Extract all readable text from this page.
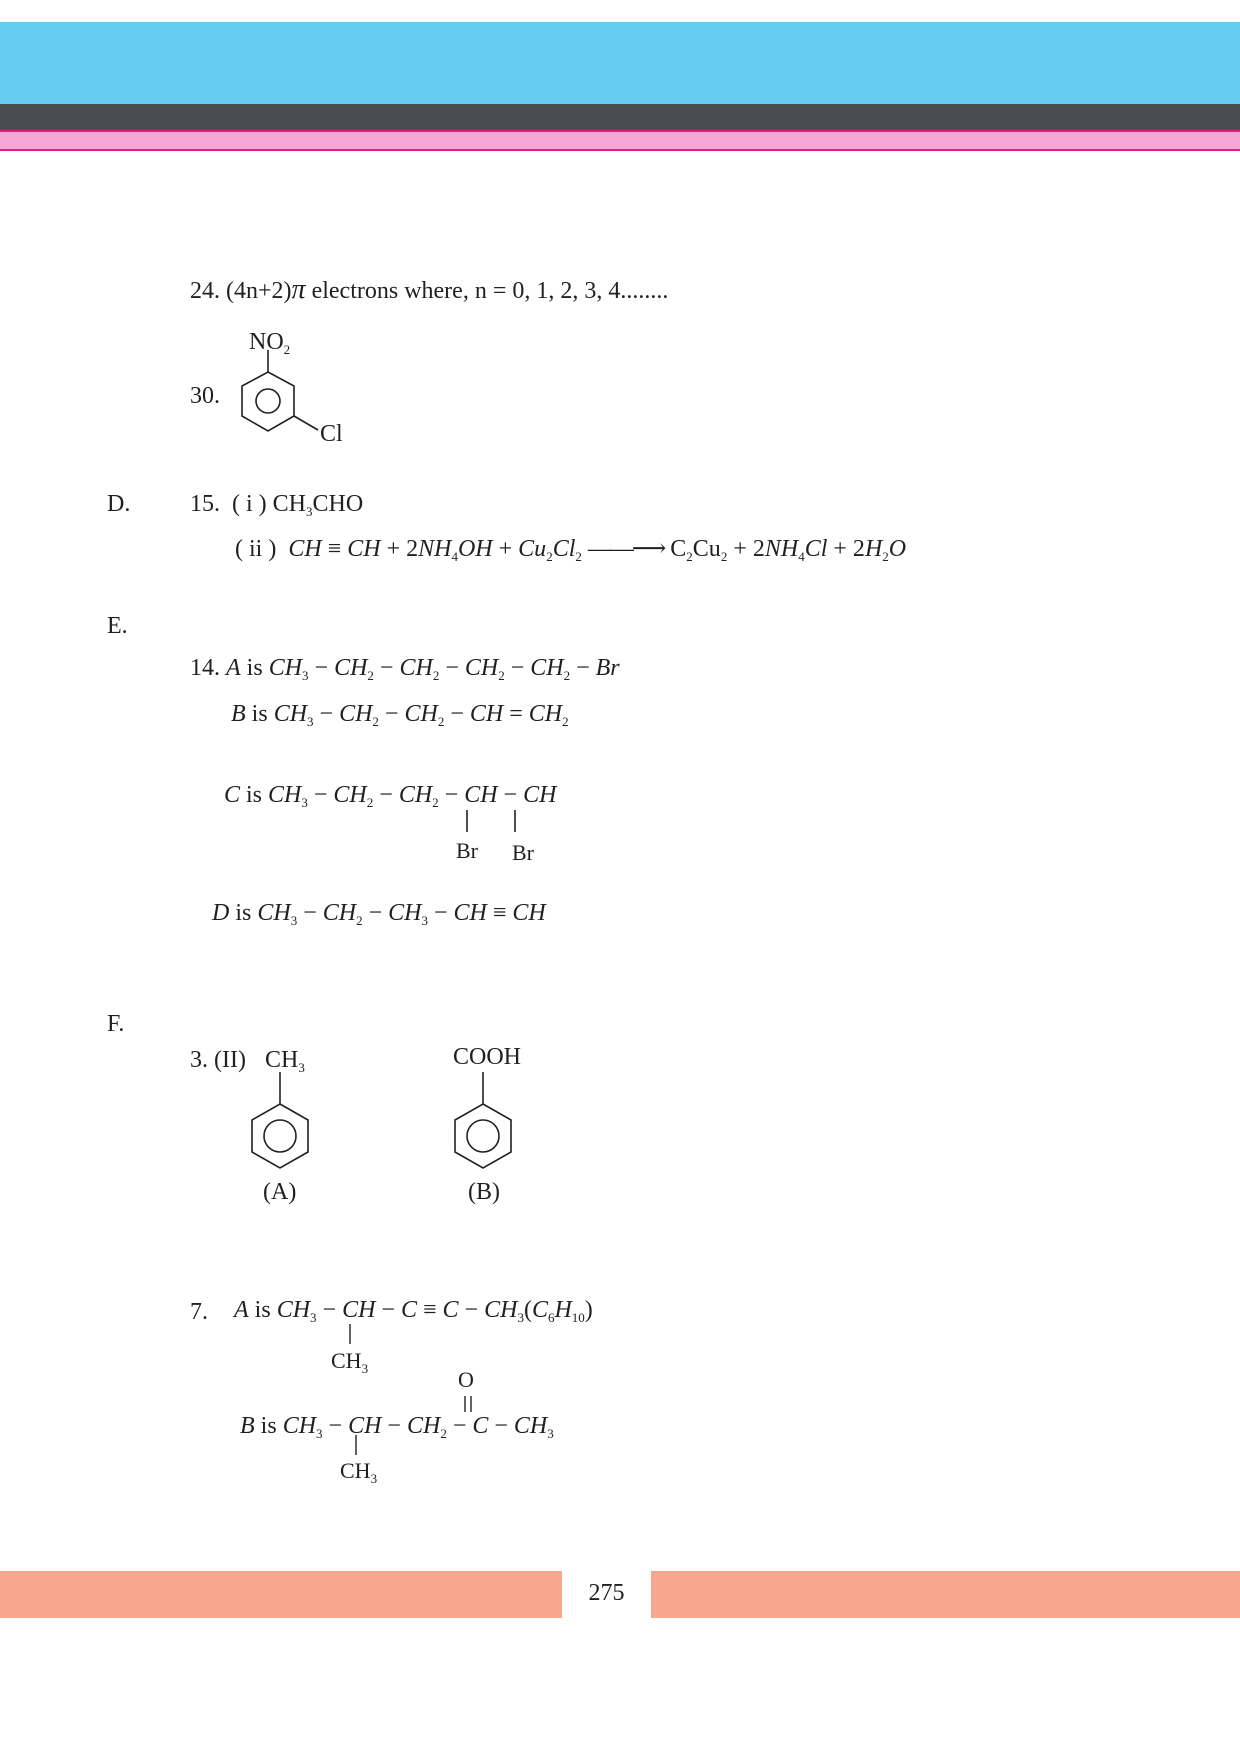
24. (4n+2)π electrons where, n = 0, 1, 2, 3, 4........
30.
$NO_2$
Cl
D. 15. ( i ) $CH_3CHO$
( ii ) CH ≡ CH + $2NH_4OH + Cu_2Cl_2$ ——⟶ $C_2Cu_2 + 2NH_4Cl + 2H_2O$
E.
14. A is $CH_3 - CH_2 - CH_2 - CH_2 - CH_2 - Br$
B is $CH_3 - CH_2 - CH_2$ − CH = $CH_2$
C is $CH_3 - CH_2 - CH_2$ − CH − CH
Br Br
D is $CH_3 - CH_2 - CH_3$ − CH ≡ CH
F.
3. (II) $CH_3$	COOH
(A)	(B)
7. A is $CH_3$ − CH − $C \equiv C - CH_3(C_6H_{10})$
$CH_3$	O
B is $CH_3$ − CH − $CH_2 - C - CH_3$
$CH_3$
275
